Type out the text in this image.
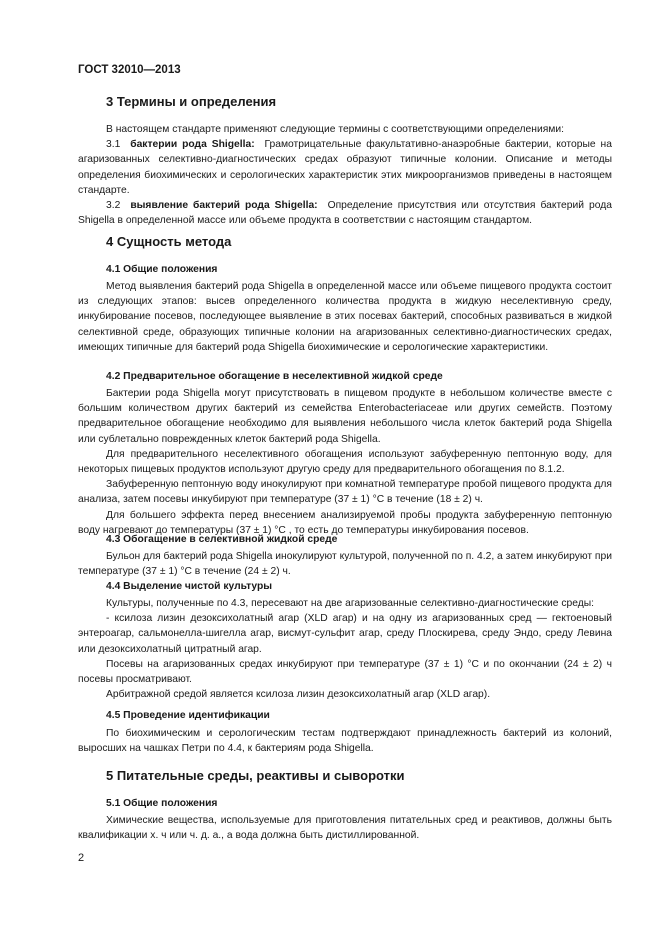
ГОСТ 32010—2013
3 Термины и определения

В настоящем стандарте применяют следующие термины с соответствующими определениями:

3.1 бактерии рода Shigella: Грамотрицательные факультативно-анаэробные бактерии, которые на агаризованных селективно-диагностических средах образуют типичные колонии. Описание и методы определения биохимических и серологических характеристик этих микроорганизмов приведены в настоящем стандарте.

3.2 выявление бактерий рода Shigella: Определение присутствия или отсутствия бактерий рода Shigella в определенной массе или объеме продукта в соответствии с настоящим стандартом.

4 Сущность метода
4.1 Общие положения

Метод выявления бактерий рода Shigella в определенной массе или объеме пищевого продукта состоит из следующих этапов: высев определенного количества продукта в жидкую неселективную среду, инкубирование посевов, последующее выявление в этих посевах бактерий, способных развиваться в жидкой селективной среде, образующих типичные колонии на агаризованных селективно-диагностических средах, имеющих типичные для бактерий рода Shigella биохимические и серологические характеристики.

4.2 Предварительное обогащение в неселективной жидкой среде

Бактерии рода Shigella могут присутствовать в пищевом продукте в небольшом количестве вместе с большим количеством других бактерий из семейства Enterobacteriaceae или других семейств. Поэтому предварительное обогащение необходимо для выявления небольшого числа клеток бактерий рода Shigella или сублетально поврежденных клеток бактерий рода Shigella.

Для предварительного неселективного обогащения используют забуференную пептонную воду, для некоторых пищевых продуктов используют другую среду для предварительного обогащения по 8.1.2.

Забуференную пептонную воду инокулируют при комнатной температуре пробой пищевого продукта для анализа, затем посевы инкубируют при температуре (37 ± 1) °С в течение (18 ± 2) ч.

Для большего эффекта перед внесением анализируемой пробы продукта забуференную пептонную воду нагревают до температуры (37 ± 1) °С , то есть до температуры инкубирования посевов.

4.3 Обогащение в селективной жидкой среде

Бульон для бактерий рода Shigella инокулируют культурой, полученной по п. 4.2, а затем инкубируют при температуре (37 ± 1) °С в течение (24 ± 2) ч.

4.4 Выделение чистой культуры

Культуры, полученные по 4.3, пересевают на две агаризованные селективно-диагностические среды:

- ксилоза лизин дезоксихолатный агар (XLD агар) и на одну из агаризованных сред — гектоеновый энтероагар, сальмонелла-шигелла агар, висмут-сульфит агар, среду Плоскирева, среду Эндо, среду Левина или дезоксихолатный цитратный агар.

Посевы на агаризованных средах инкубируют при температуре (37 ± 1) °С и по окончании (24 ± 2) ч посевы просматривают.

Арбитражной средой является ксилоза лизин дезоксихолатный агар (XLD агар).

4.5 Проведение идентификации

По биохимическим и серологическим тестам подтверждают принадлежность бактерий из колоний, выросших на чашках Петри по 4.4, к бактериям рода Shigella.

5 Питательные среды, реактивы и сыворотки
5.1 Общие положения

Химические вещества, используемые для приготовления питательных сред и реактивов, должны быть квалификации х. ч или ч. д. а., а вода должна быть дистиллированной.

2
